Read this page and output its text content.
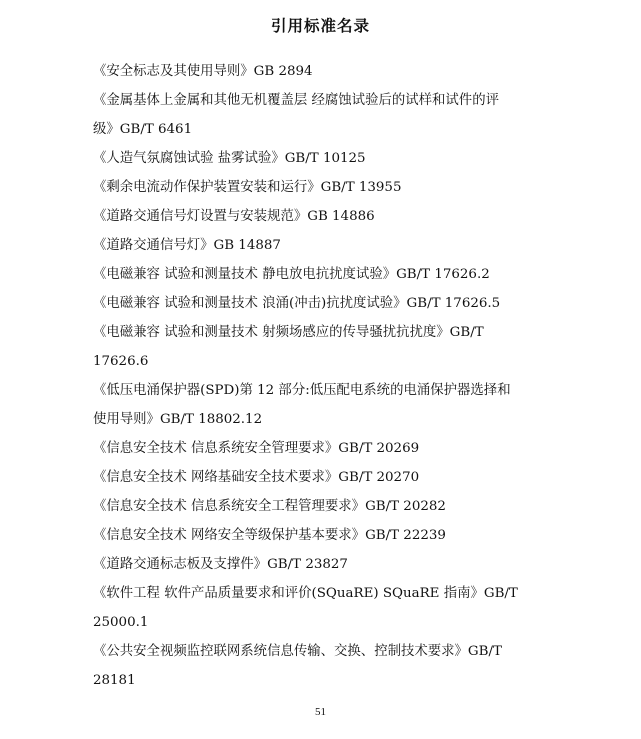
引用标准名录
《安全标志及其使用导则》GB 2894
《金属基体上金属和其他无机覆盖层 经腐蚀试验后的试样和试件的评
级》GB/T 6461
《人造气氛腐蚀试验 盐雾试验》GB/T 10125
《剩余电流动作保护装置安装和运行》GB/T 13955
《道路交通信号灯设置与安装规范》GB 14886
《道路交通信号灯》GB 14887
《电磁兼容 试验和测量技术 静电放电抗扰度试验》GB/T 17626.2
《电磁兼容 试验和测量技术 浪涌(冲击)抗扰度试验》GB/T 17626.5
《电磁兼容 试验和测量技术 射频场感应的传导骚扰抗扰度》GB/T
17626.6
《低压电涌保护器(SPD)第 12 部分:低压配电系统的电涌保护器选择和
使用导则》GB/T 18802.12
《信息安全技术 信息系统安全管理要求》GB/T 20269
《信息安全技术 网络基础安全技术要求》GB/T 20270
《信息安全技术 信息系统安全工程管理要求》GB/T 20282
《信息安全技术 网络安全等级保护基本要求》GB/T 22239
《道路交通标志板及支撑件》GB/T 23827
《软件工程 软件产品质量要求和评价(SQuaRE) SQuaRE 指南》GB/T
25000.1
《公共安全视频监控联网系统信息传输、交换、控制技术要求》GB/T
28181
51
